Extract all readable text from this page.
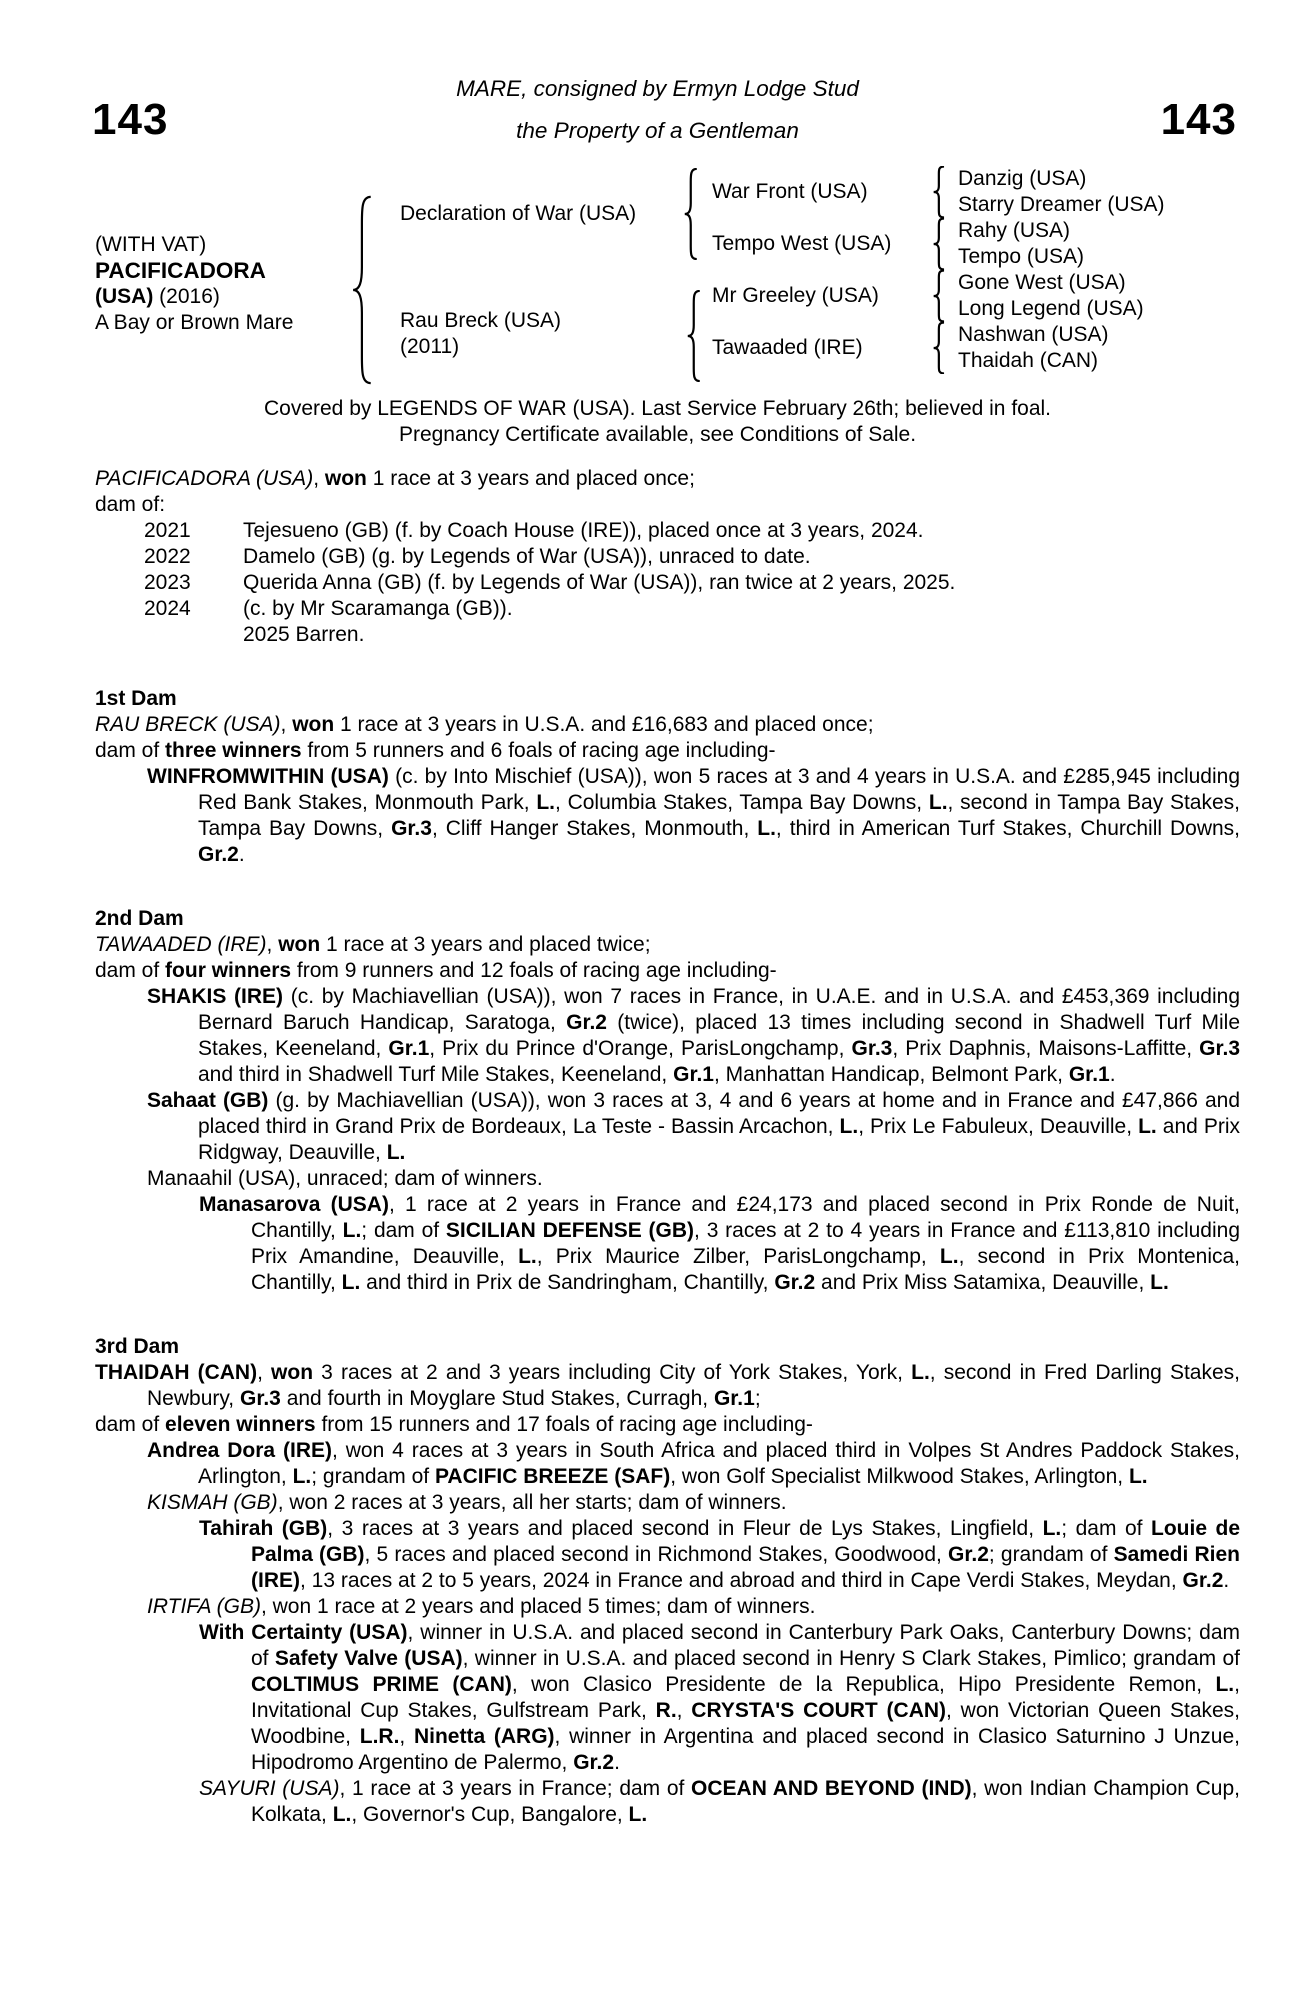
143
MARE, consigned by Ermyn Lodge Stud
the Property of a Gentleman	143
(WITH VAT)
PACIFICADORA
(USA) (2016)
A Bay or Brown Mare
Declaration of War (USA)
Rau Breck (USA)
(2011)
War Front (USA)
Tempo West (USA)
Mr Greeley (USA)
Tawaaded (IRE)
Danzig (USA)
Starry Dreamer (USA)
Rahy (USA)
Tempo (USA)
Gone West (USA)
Long Legend (USA)
Nashwan (USA)
Thaidah (CAN)
Covered by LEGENDS OF WAR (USA). Last Service February 26th; believed in foal.
Pregnancy Certificate available, see Conditions of Sale.
PACIFICADORA (USA), won 1 race at 3 years and placed once;
dam of:
2021 Tejesueno (GB) (f. by Coach House (IRE)), placed once at 3 years, 2024.
2022 Damelo (GB) (g. by Legends of War (USA)), unraced to date.
2023 Querida Anna (GB) (f. by Legends of War (USA)), ran twice at 2 years, 2025.
2024 (c. by Mr Scaramanga (GB)).
2025 Barren.
1st Dam
RAU BRECK (USA), won 1 race at 3 years in U.S.A. and £16,683 and placed once;
dam of three winners from 5 runners and 6 foals of racing age including-
WINFROMWITHIN (USA) (c. by Into Mischief (USA)), won 5 races at 3 and 4 years in U.S.A. and £285,945 including Red Bank Stakes, Monmouth Park, L., Columbia Stakes, Tampa Bay Downs, L., second in Tampa Bay Stakes, Tampa Bay Downs, Gr.3, Cliff Hanger Stakes, Monmouth, L., third in American Turf Stakes, Churchill Downs, Gr.2.
2nd Dam
TAWAADED (IRE), won 1 race at 3 years and placed twice;
dam of four winners from 9 runners and 12 foals of racing age including-
SHAKIS (IRE) (c. by Machiavellian (USA)), won 7 races in France, in U.A.E. and in U.S.A. and £453,369 including Bernard Baruch Handicap, Saratoga, Gr.2 (twice), placed 13 times including second in Shadwell Turf Mile Stakes, Keeneland, Gr.1, Prix du Prince d'Orange, ParisLongchamp, Gr.3, Prix Daphnis, Maisons-Laffitte, Gr.3 and third in Shadwell Turf Mile Stakes, Keeneland, Gr.1, Manhattan Handicap, Belmont Park, Gr.1.
Sahaat (GB) (g. by Machiavellian (USA)), won 3 races at 3, 4 and 6 years at home and in France and £47,866 and placed third in Grand Prix de Bordeaux, La Teste - Bassin Arcachon, L., Prix Le Fabuleux, Deauville, L. and Prix Ridgway, Deauville, L.
Manaahil (USA), unraced; dam of winners.
Manasarova (USA), 1 race at 2 years in France and £24,173 and placed second in Prix Ronde de Nuit, Chantilly, L.; dam of SICILIAN DEFENSE (GB), 3 races at 2 to 4 years in France and £113,810 including Prix Amandine, Deauville, L., Prix Maurice Zilber, ParisLongchamp, L., second in Prix Montenica, Chantilly, L. and third in Prix de Sandringham, Chantilly, Gr.2 and Prix Miss Satamixa, Deauville, L.
3rd Dam
THAIDAH (CAN), won 3 races at 2 and 3 years including City of York Stakes, York, L., second in Fred Darling Stakes, Newbury, Gr.3 and fourth in Moyglare Stud Stakes, Curragh, Gr.1;
dam of eleven winners from 15 runners and 17 foals of racing age including-
Andrea Dora (IRE), won 4 races at 3 years in South Africa and placed third in Volpes St Andres Paddock Stakes, Arlington, L.; grandam of PACIFIC BREEZE (SAF), won Golf Specialist Milkwood Stakes, Arlington, L.
KISMAH (GB), won 2 races at 3 years, all her starts; dam of winners.
Tahirah (GB), 3 races at 3 years and placed second in Fleur de Lys Stakes, Lingfield, L.; dam of Louie de Palma (GB), 5 races and placed second in Richmond Stakes, Goodwood, Gr.2; grandam of Samedi Rien (IRE), 13 races at 2 to 5 years, 2024 in France and abroad and third in Cape Verdi Stakes, Meydan, Gr.2.
IRTIFA (GB), won 1 race at 2 years and placed 5 times; dam of winners.
With Certainty (USA), winner in U.S.A. and placed second in Canterbury Park Oaks, Canterbury Downs; dam of Safety Valve (USA), winner in U.S.A. and placed second in Henry S Clark Stakes, Pimlico; grandam of COLTIMUS PRIME (CAN), won Clasico Presidente de la Republica, Hipo Presidente Remon, L., Invitational Cup Stakes, Gulfstream Park, R., CRYSTA'S COURT (CAN), won Victorian Queen Stakes, Woodbine, L.R., Ninetta (ARG), winner in Argentina and placed second in Clasico Saturnino J Unzue, Hipodromo Argentino de Palermo, Gr.2.
SAYURI (USA), 1 race at 3 years in France; dam of OCEAN AND BEYOND (IND), won Indian Champion Cup, Kolkata, L., Governor's Cup, Bangalore, L.
